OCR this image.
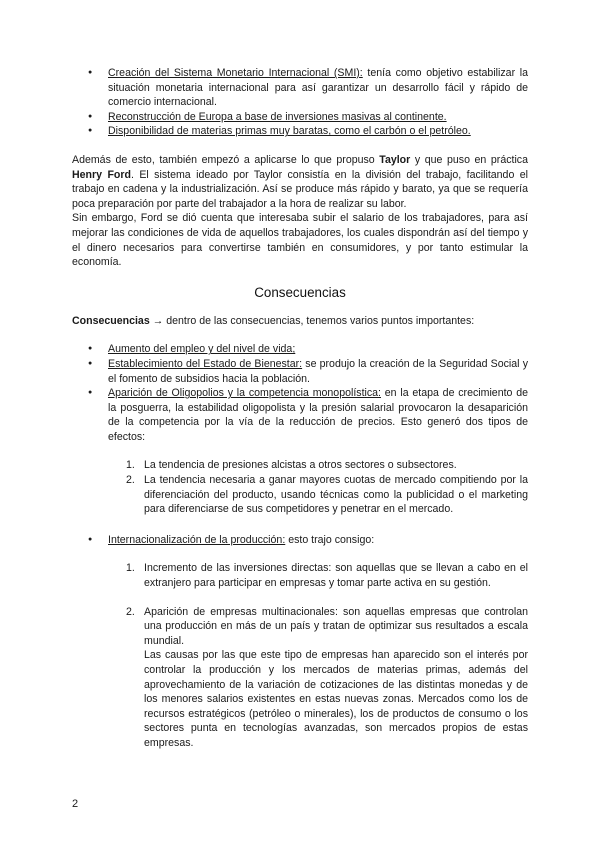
● Creación del Sistema Monetario Internacional (SMI): tenía como objetivo estabilizar la situación monetaria internacional para así garantizar un desarrollo fácil y rápido de comercio internacional.
● Reconstrucción de Europa a base de inversiones masivas al continente.
● Disponibilidad de materias primas muy baratas, como el carbón o el petróleo.

Además de esto, también empezó a aplicarse lo que propuso Taylor y que puso en práctica Henry Ford. El sistema ideado por Taylor consistía en la división del trabajo, facilitando el trabajo en cadena y la industrialización. Así se produce más rápido y barato, ya que se requería poca preparación por parte del trabajador a la hora de realizar su labor.

Sin embargo, Ford se dió cuenta que interesaba subir el salario de los trabajadores, para así mejorar las condiciones de vida de aquellos trabajadores, los cuales dispondrán así del tiempo y el dinero necesarios para convertirse también en consumidores, y por tanto estimular la economía.

Consecuencias

Consecuencias → dentro de las consecuencias, tenemos varios puntos importantes:

● Aumento del empleo y del nivel de vida;
● Establecimiento del Estado de Bienestar: se produjo la creación de la Seguridad Social y el fomento de subsidios hacia la población.
● Aparición de Oligopolios y la competencia monopolística: en la etapa de crecimiento de la posguerra, la estabilidad oligopolista y la presión salarial provocaron la desaparición de la competencia por la vía de la reducción de precios. Esto generó dos tipos de efectos:
1. La tendencia de presiones alcistas a otros sectores o subsectores.
2. La tendencia necesaria a ganar mayores cuotas de mercado compitiendo por la diferenciación del producto, usando técnicas como la publicidad o el marketing para diferenciarse de sus competidores y penetrar en el mercado.
● Internacionalización de la producción: esto trajo consigo:
1. Incremento de las inversiones directas: son aquellas que se llevan a cabo en el extranjero para participar en empresas y tomar parte activa en su gestión.
2. Aparición de empresas multinacionales: son aquellas empresas que controlan una producción en más de un país y tratan de optimizar sus resultados a escala mundial.
Las causas por las que este tipo de empresas han aparecido son el interés por controlar la producción y los mercados de materias primas, además del aprovechamiento de la variación de cotizaciones de las distintas monedas y de los menores salarios existentes en estas nuevas zonas. Mercados como los de recursos estratégicos (petróleo o minerales), los de productos de consumo o los sectores punta en tecnologías avanzadas, son mercados propios de estas empresas.
2
